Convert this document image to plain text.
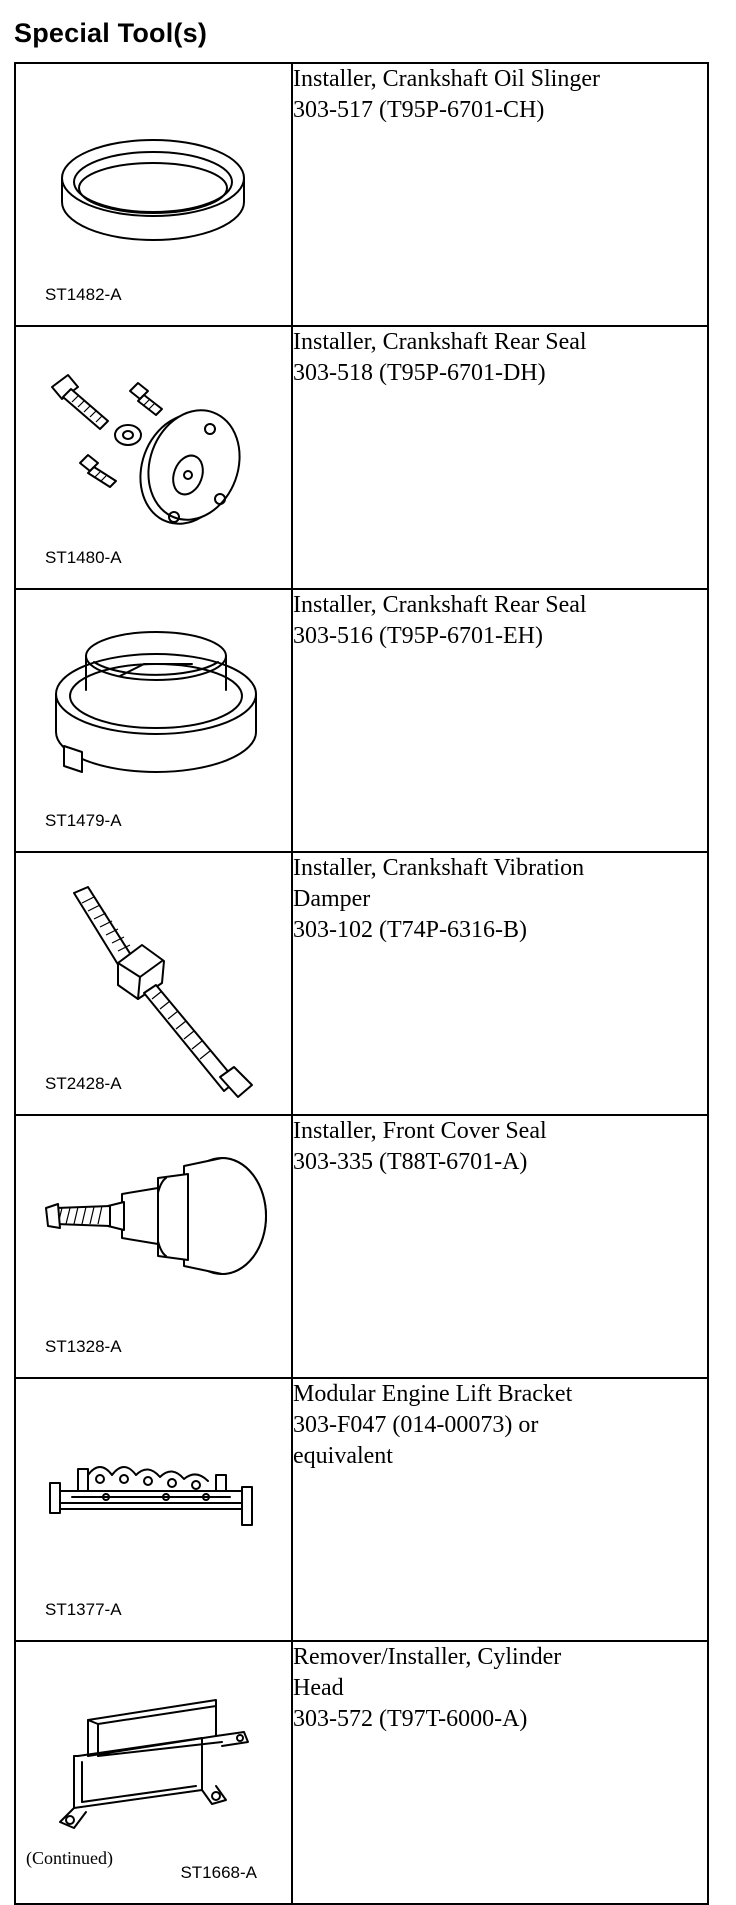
Special Tool(s)
ST1482-A	Installer, Crankshaft Oil Slinger
303-517 (T95P-6701-CH)

ST1480-A	Installer, Crankshaft Rear Seal
303-518 (T95P-6701-DH)

ST1479-A	Installer, Crankshaft Rear Seal
303-516 (T95P-6701-EH)

ST2428-A	Installer, Crankshaft Vibration
Damper
303-102 (T74P-6316-B)

ST1328-A	Installer, Front Cover Seal
303-335 (T88T-6701-A)

ST1377-A	Modular Engine Lift Bracket
303-F047 (014-00073) or
equivalent

ST1668-A	Remover/Installer, Cylinder
Head
303-572 (T97T-6000-A)
(Continued)
